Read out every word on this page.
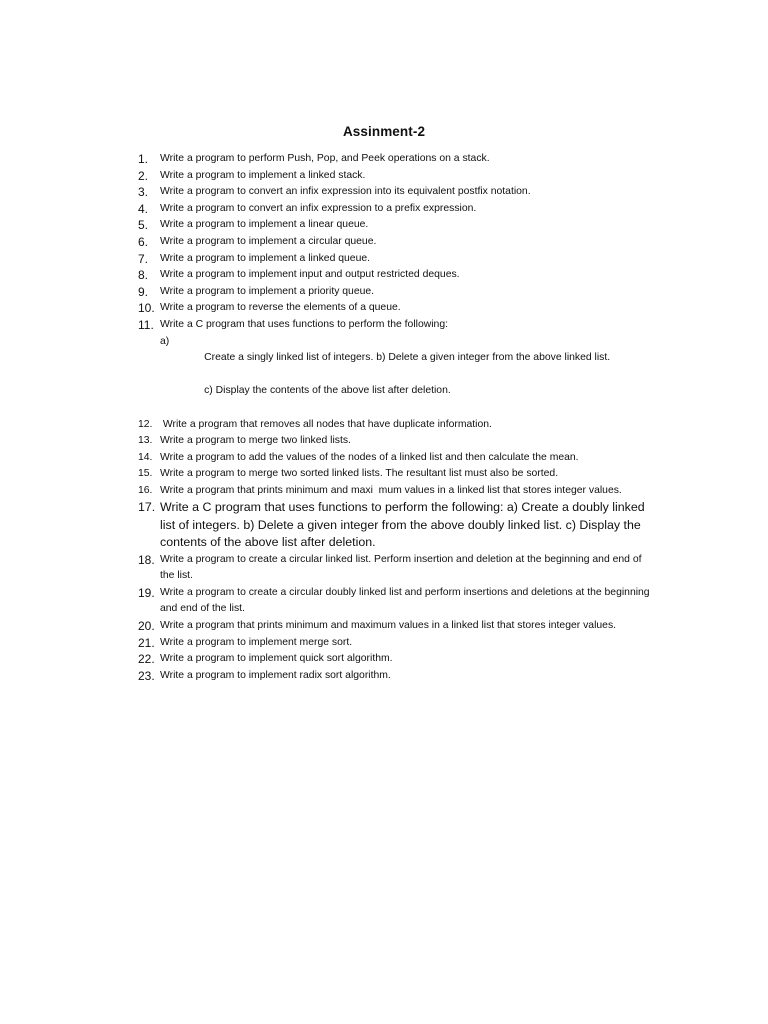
Assinment-2
1.	Write a program to perform Push, Pop, and Peek operations on a stack.
2.	Write a program to implement a linked stack.
3.	Write a program to convert an infix expression into its equivalent postfix notation.
4.	Write a program to convert an infix expression to a prefix expression.
5.	Write a program to implement a linear queue.
6.	Write a program to implement a circular queue.
7.	Write a program to implement a linked queue.
8.	Write a program to implement input and output restricted deques.
9.	Write a program to implement a priority queue.
10. Write a program to reverse the elements of a queue.
11. Write a C program that uses functions to perform the following:
a)

Create a singly linked list of integers. b) Delete a given integer from the above linked list.

c) Display the contents of the above list after deletion.

12. Write a program that removes all nodes that have duplicate information.
13. Write a program to merge two linked lists.
14. Write a program to add the values of the nodes of a linked list and then calculate the mean.
15. Write a program to merge two sorted linked lists. The resultant list must also be sorted.
16. Write a program that prints minimum and maxi  mum values in a linked list that stores integer values.
17. Write a C program that uses functions to perform the following: a) Create a doubly linked list of integers. b) Delete a given integer from the above doubly linked list. c) Display the contents of the above list after deletion.
18. Write a program to create a circular linked list. Perform insertion and deletion at the beginning and end of the list.
19. Write a program to create a circular doubly linked list and perform insertions and deletions at the beginning and end of the list.
20. Write a program that prints minimum and maximum values in a linked list that stores integer values.
21. Write a program to implement merge sort.
22. Write a program to implement quick sort algorithm.
23. Write a program to implement radix sort algorithm.
